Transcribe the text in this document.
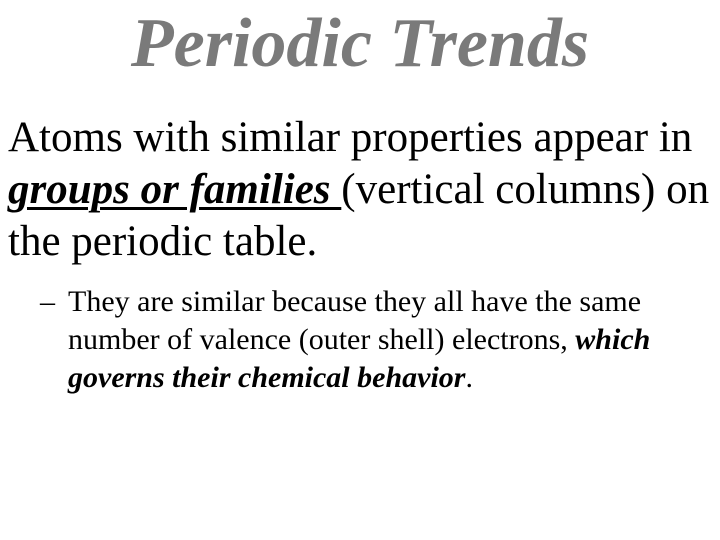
Periodic Trends

Atoms with similar properties appear in groups or families (vertical columns) on the periodic table.

– They are similar because they all have the same number of valence (outer shell) electrons, which governs their chemical behavior.
